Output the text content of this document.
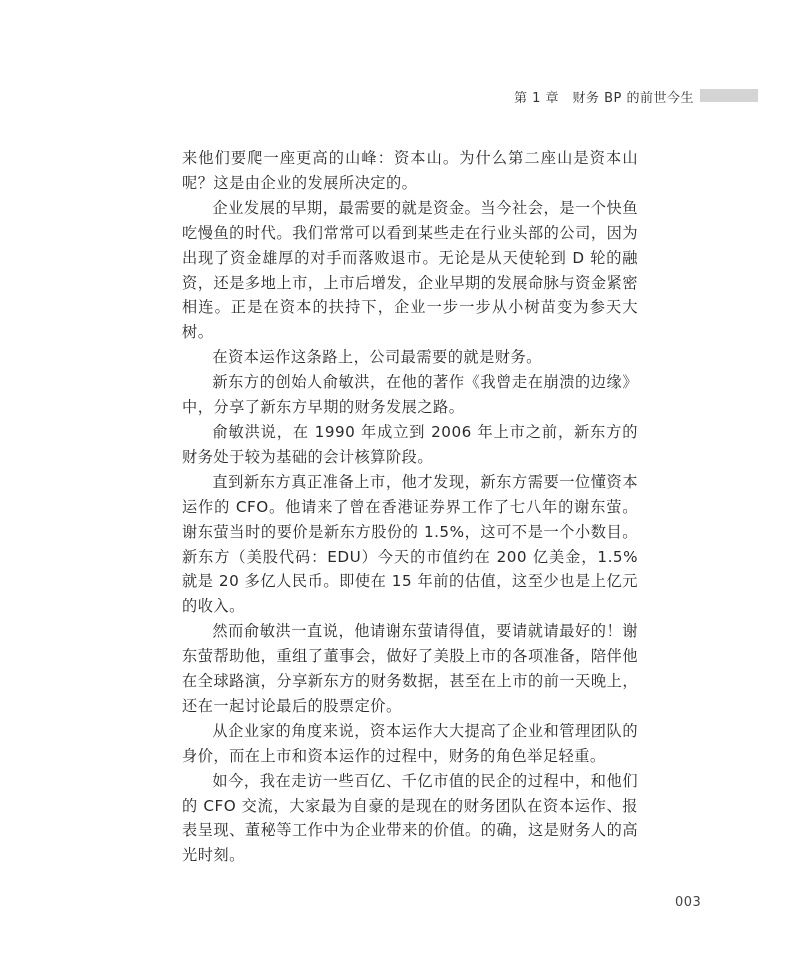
第 1 章　财务 BP 的前世今生

来他们要爬一座更高的山峰：资本山。为什么第二座山是资本山呢？这是由企业的发展所决定的。

企业发展的早期，最需要的就是资金。当今社会，是一个快鱼吃慢鱼的时代。我们常常可以看到某些走在行业头部的公司，因为出现了资金雄厚的对手而落败退市。无论是从天使轮到 D 轮的融资，还是多地上市，上市后增发，企业早期的发展命脉与资金紧密相连。正是在资本的扶持下，企业一步一步从小树苗变为参天大树。

在资本运作这条路上，公司最需要的就是财务。

新东方的创始人俞敏洪，在他的著作《我曾走在崩溃的边缘》中，分享了新东方早期的财务发展之路。

俞敏洪说，在 1990 年成立到 2006 年上市之前，新东方的财务处于较为基础的会计核算阶段。

直到新东方真正准备上市，他才发现，新东方需要一位懂资本运作的 CFO。他请来了曾在香港证券界工作了七八年的谢东萤。谢东萤当时的要价是新东方股份的 1.5%，这可不是一个小数目。新东方（美股代码：EDU）今天的市值约在 200 亿美金，1.5% 就是 20 多亿人民币。即使在 15 年前的估值，这至少也是上亿元的收入。

然而俞敏洪一直说，他请谢东萤请得值，要请就请最好的！谢东萤帮助他，重组了董事会，做好了美股上市的各项准备，陪伴他在全球路演，分享新东方的财务数据，甚至在上市的前一天晚上，还在一起讨论最后的股票定价。

从企业家的角度来说，资本运作大大提高了企业和管理团队的身价，而在上市和资本运作的过程中，财务的角色举足轻重。

如今，我在走访一些百亿、千亿市值的民企的过程中，和他们的 CFO 交流，大家最为自豪的是现在的财务团队在资本运作、报表呈现、董秘等工作中为企业带来的价值。的确，这是财务人的高光时刻。

003
